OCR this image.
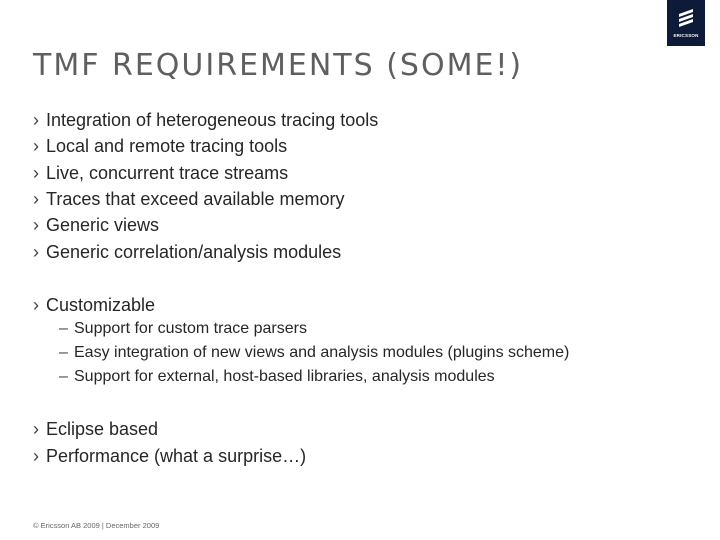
ERICSSON
TMF REQUIREMENTS (SOME!)
› Integration of heterogeneous tracing tools
› Local and remote tracing tools
› Live, concurrent trace streams
› Traces that exceed available memory
› Generic views
› Generic correlation/analysis modules
› Customizable
– Support for custom trace parsers
– Easy integration of new views and analysis modules (plugins scheme)
– Support for external, host-based libraries, analysis modules
› Eclipse based
› Performance (what a surprise…)
© Ericsson AB 2009 | December 2009
